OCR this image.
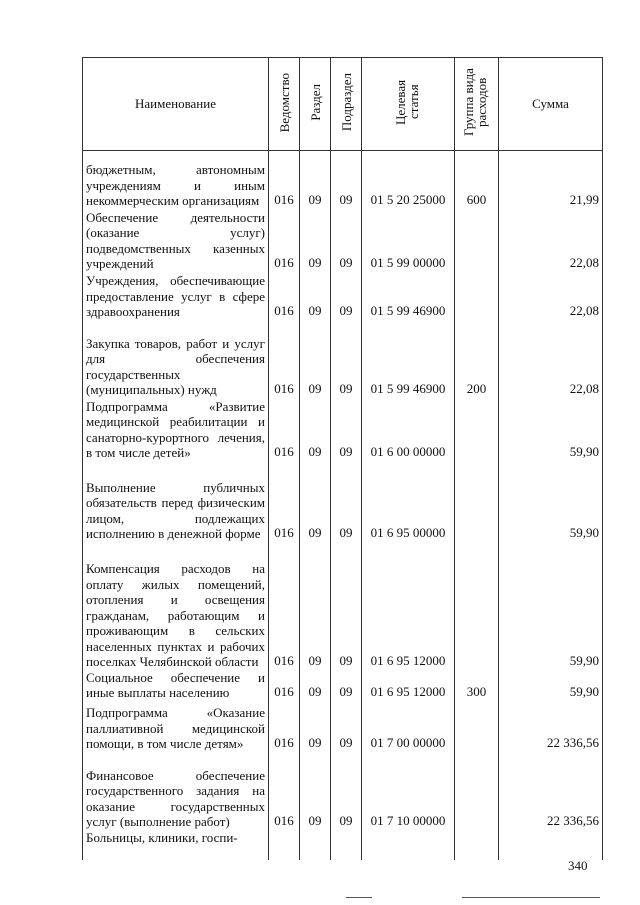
Наименование	Ведомство	Раздел	Подраздел	Целевая статья	Группа вида расходов	Сумма
бюджетным, автономным учреждениям и иным некоммерческим организациям	016	09	09	01 5 20 25000	600	21,99
Обеспечение деятельности (оказание услуг) подведомственных казенных учреждений	016	09	09	01 5 99 00000		22,08
Учреждения, обеспечивающие предоставление услуг в сфере здравоохранения	016	09	09	01 5 99 46900		22,08
Закупка товаров, работ и услуг для обеспечения государственных (муниципальных) нужд	016	09	09	01 5 99 46900	200	22,08
Подпрограмма «Развитие медицинской реабилитации и санаторно-курортного лечения, в том числе детей»	016	09	09	01 6 00 00000		59,90
Выполнение публичных обязательств перед физическим лицом, подлежащих исполнению в денежной форме	016	09	09	01 6 95 00000		59,90
Компенсация расходов на оплату жилых помещений, отопления и освещения гражданам, работающим и проживающим в сельских населенных пунктах и рабочих поселках Челябинской области	016	09	09	01 6 95 12000		59,90
Социальное обеспечение и иные выплаты населению	016	09	09	01 6 95 12000	300	59,90
Подпрограмма «Оказание паллиативной медицинской помощи, в том числе детям»	016	09	09	01 7 00 00000		22 336,56
Финансовое обеспечение государственного задания на оказание государственных услуг (выполнение работ)	016	09	09	01 7 10 00000		22 336,56
Больницы, клиники, госпи-						
340
